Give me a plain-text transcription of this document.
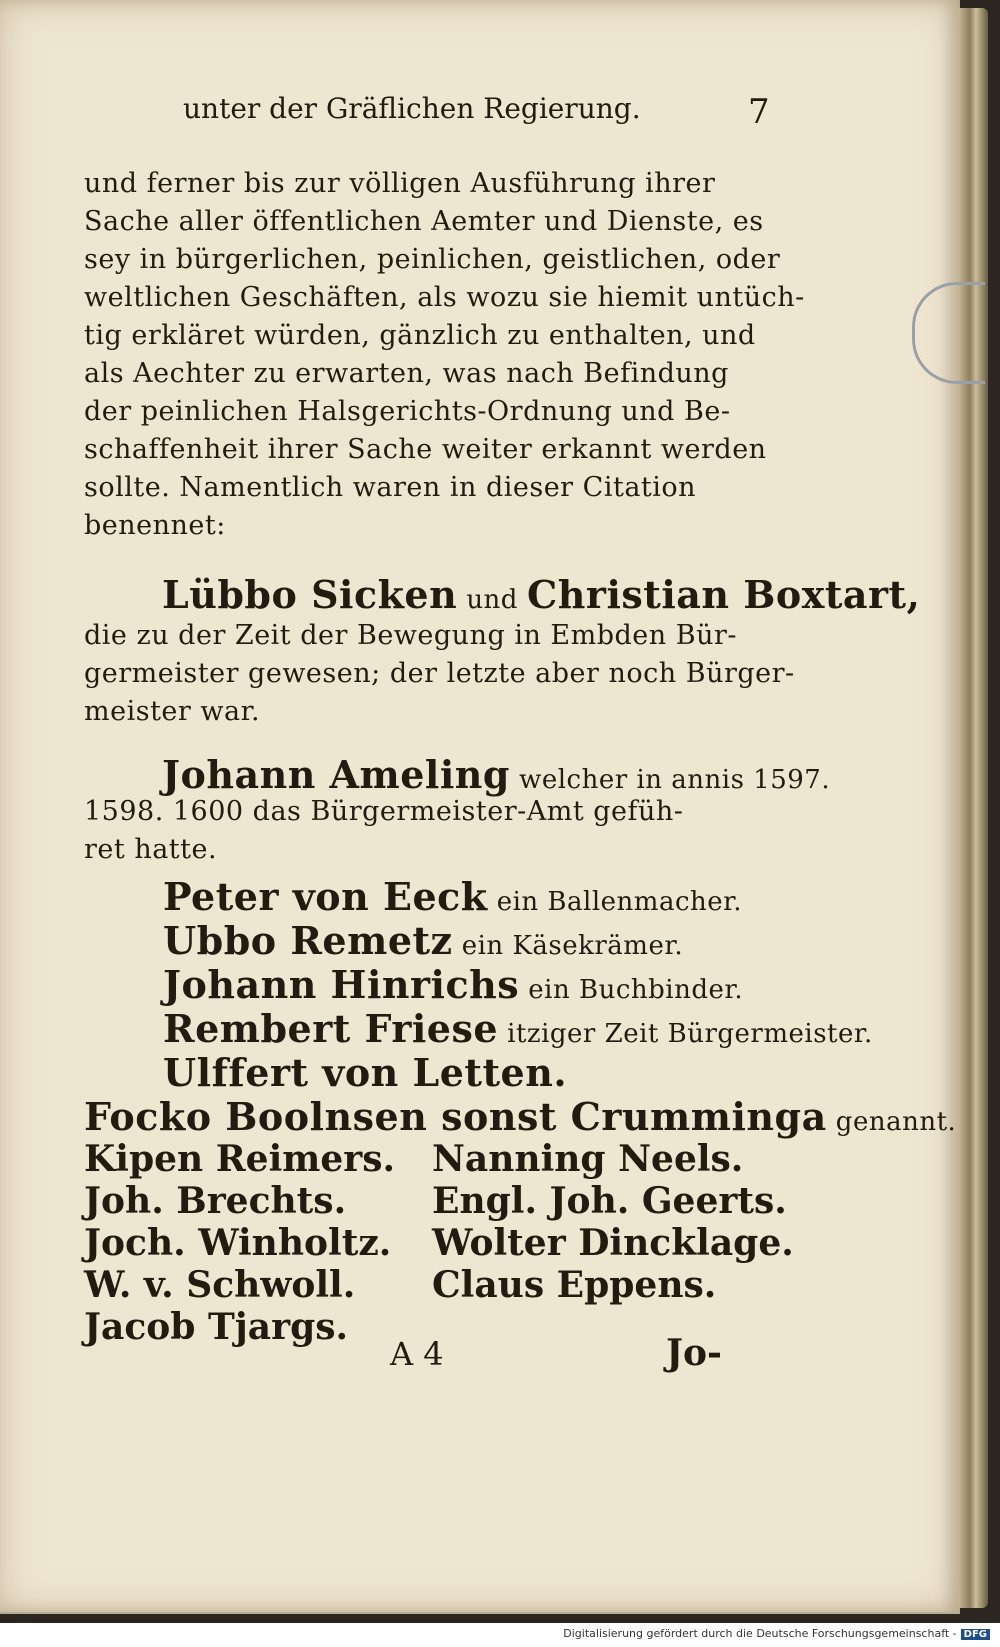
unter der Gräflichen Regierung.	7

und ferner bis zur völligen Ausführung ihrer

Sache aller öffentlichen Aemter und Dienste, es

sey in bürgerlichen, peinlichen, geistlichen, oder

weltlichen Geschäften, als wozu sie hiemit untüch-

tig erkläret würden, gänzlich zu enthalten, und

als Aechter zu erwarten, was nach Befindung

der peinlichen Halsgerichts-Ordnung und Be-

schaffenheit ihrer Sache weiter erkannt werden

sollte. Namentlich waren in dieser Citation

benennet:

Lübbo Sicken und Christian Boxtart,

die zu der Zeit der Bewegung in Embden Bür-

germeister gewesen; der letzte aber noch Bürger-

meister war.

Johann Ameling welcher in annis 1597.

1598. 1600 das Bürgermeister-Amt gefüh-

ret hatte.

Peter von Eeck ein Ballenmacher.

Ubbo Remetz ein Käsekrämer.

Johann Hinrichs ein Buchbinder.

Rembert Friese itziger Zeit Bürgermeister.

Ulffert von Letten.

Focko Boolnsen sonst Crumminga genannt.

Kipen Reimers.

Joh. Brechts.

Joch. Winholtz.

W. v. Schwoll.

Jacob Tjargs.

Nanning Neels.

Engl. Joh. Geerts.

Wolter Dincklage.

Claus Eppens.

A 4	Jo-

Digitalisierung gefördert durch die Deutsche Forschungsgemeinschaft - DFG
